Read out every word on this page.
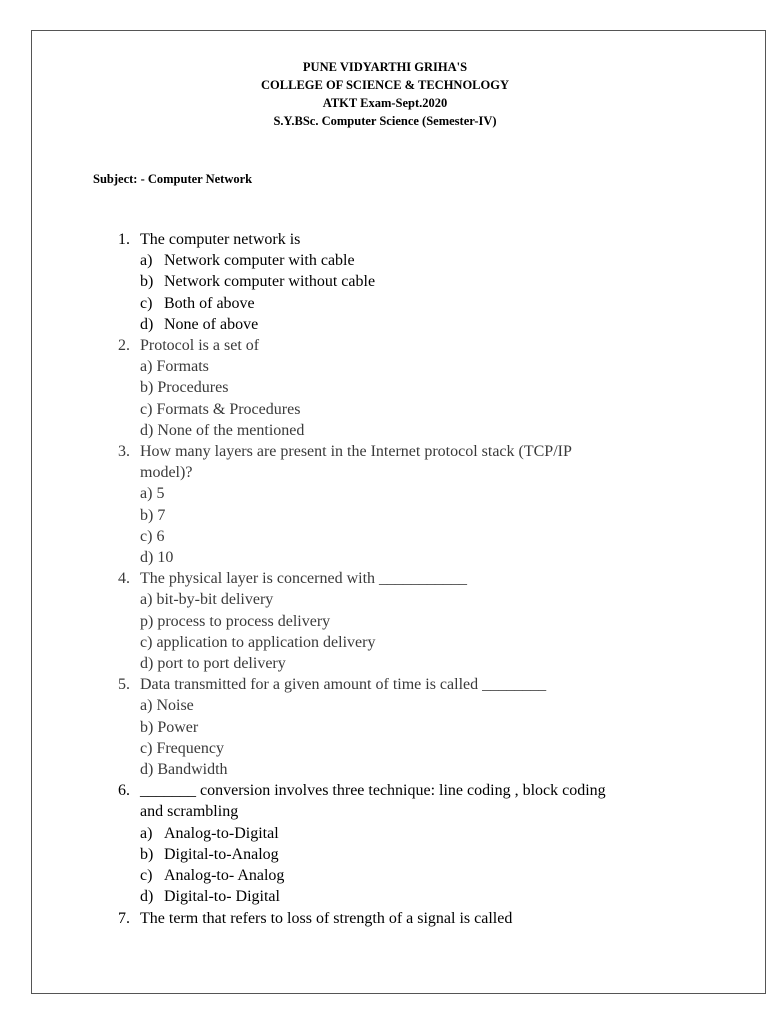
PUNE VIDYARTHI GRIHA'S
COLLEGE OF SCIENCE & TECHNOLOGY
ATKT Exam-Sept.2020
S.Y.BSc. Computer Science (Semester-IV)
Subject: - Computer Network
1. The computer network is
a) Network computer with cable
b) Network computer without cable
c) Both of above
d) None of above
2. Protocol is a set of
a) Formats
b) Procedures
c) Formats & Procedures
d) None of the mentioned
3. How many layers are present in the Internet protocol stack (TCP/IP
model)?
a) 5
b) 7
c) 6
d) 10
4. The physical layer is concerned with ___________
a) bit-by-bit delivery
p) process to process delivery
c) application to application delivery
d) port to port delivery
5. Data transmitted for a given amount of time is called ________
a) Noise
b) Power
c) Frequency
d) Bandwidth
6. _______ conversion involves three technique: line coding , block coding
and scrambling
a) Analog-to-Digital
b) Digital-to-Analog
c) Analog-to- Analog
d) Digital-to- Digital
7. The term that refers to loss of strength of a signal is called
